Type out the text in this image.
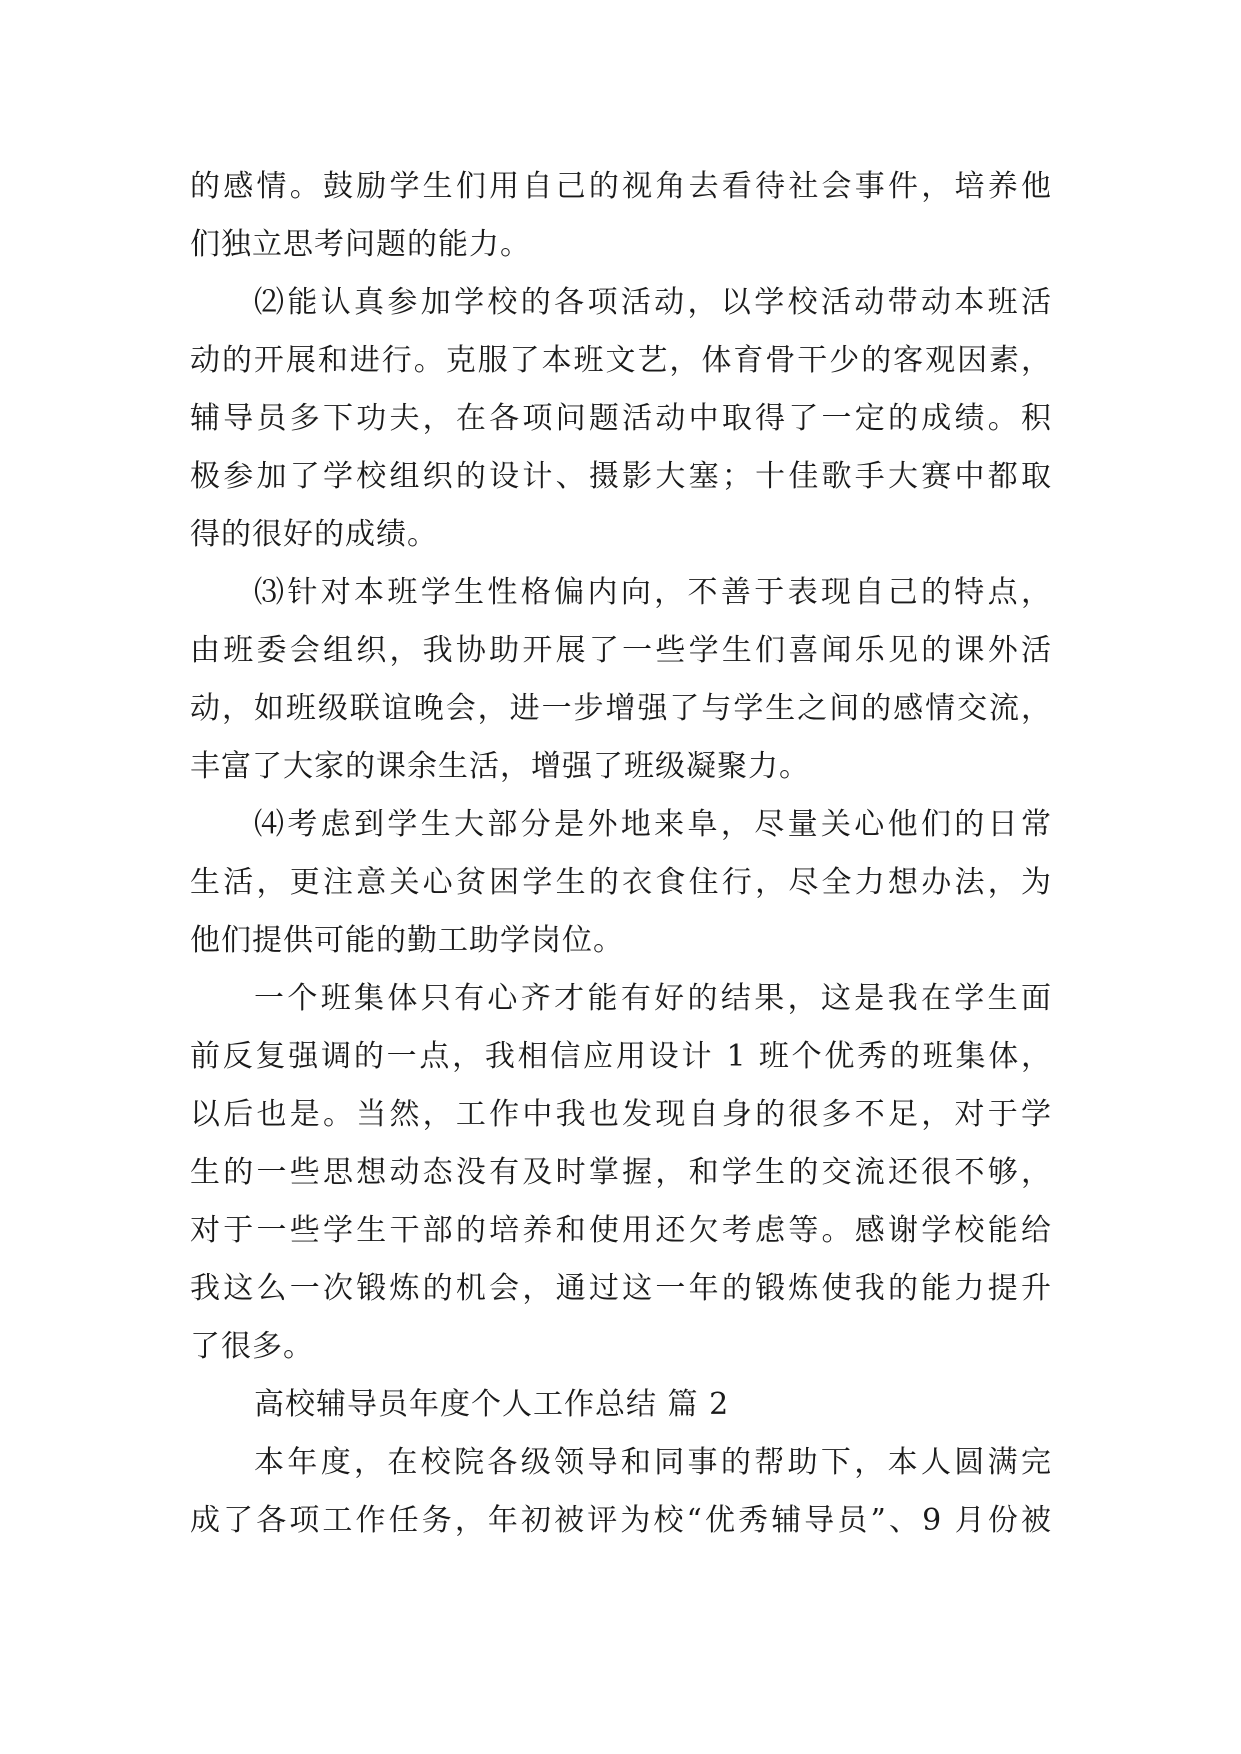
的感情。鼓励学生们用自己的视角去看待社会事件，培养他
们独立思考问题的能力。
⑵能认真参加学校的各项活动，以学校活动带动本班活
动的开展和进行。克服了本班文艺，体育骨干少的客观因素，
辅导员多下功夫，在各项问题活动中取得了一定的成绩。积
极参加了学校组织的设计、摄影大塞；十佳歌手大赛中都取
得的很好的成绩。
⑶针对本班学生性格偏内向，不善于表现自己的特点，
由班委会组织，我协助开展了一些学生们喜闻乐见的课外活
动，如班级联谊晚会，进一步增强了与学生之间的感情交流，
丰富了大家的课余生活，增强了班级凝聚力。
⑷考虑到学生大部分是外地来阜，尽量关心他们的日常
生活，更注意关心贫困学生的衣食住行，尽全力想办法，为
他们提供可能的勤工助学岗位。
一个班集体只有心齐才能有好的结果，这是我在学生面
前反复强调的一点，我相信应用设计 1 班个优秀的班集体，
以后也是。当然，工作中我也发现自身的很多不足，对于学
生的一些思想动态没有及时掌握，和学生的交流还很不够，
对于一些学生干部的培养和使用还欠考虑等。感谢学校能给
我这么一次锻炼的机会，通过这一年的锻炼使我的能力提升
了很多。
高校辅导员年度个人工作总结 篇 2
本年度，在校院各级领导和同事的帮助下，本人圆满完
成了各项工作任务，年初被评为校“优秀辅导员”、9 月份被
